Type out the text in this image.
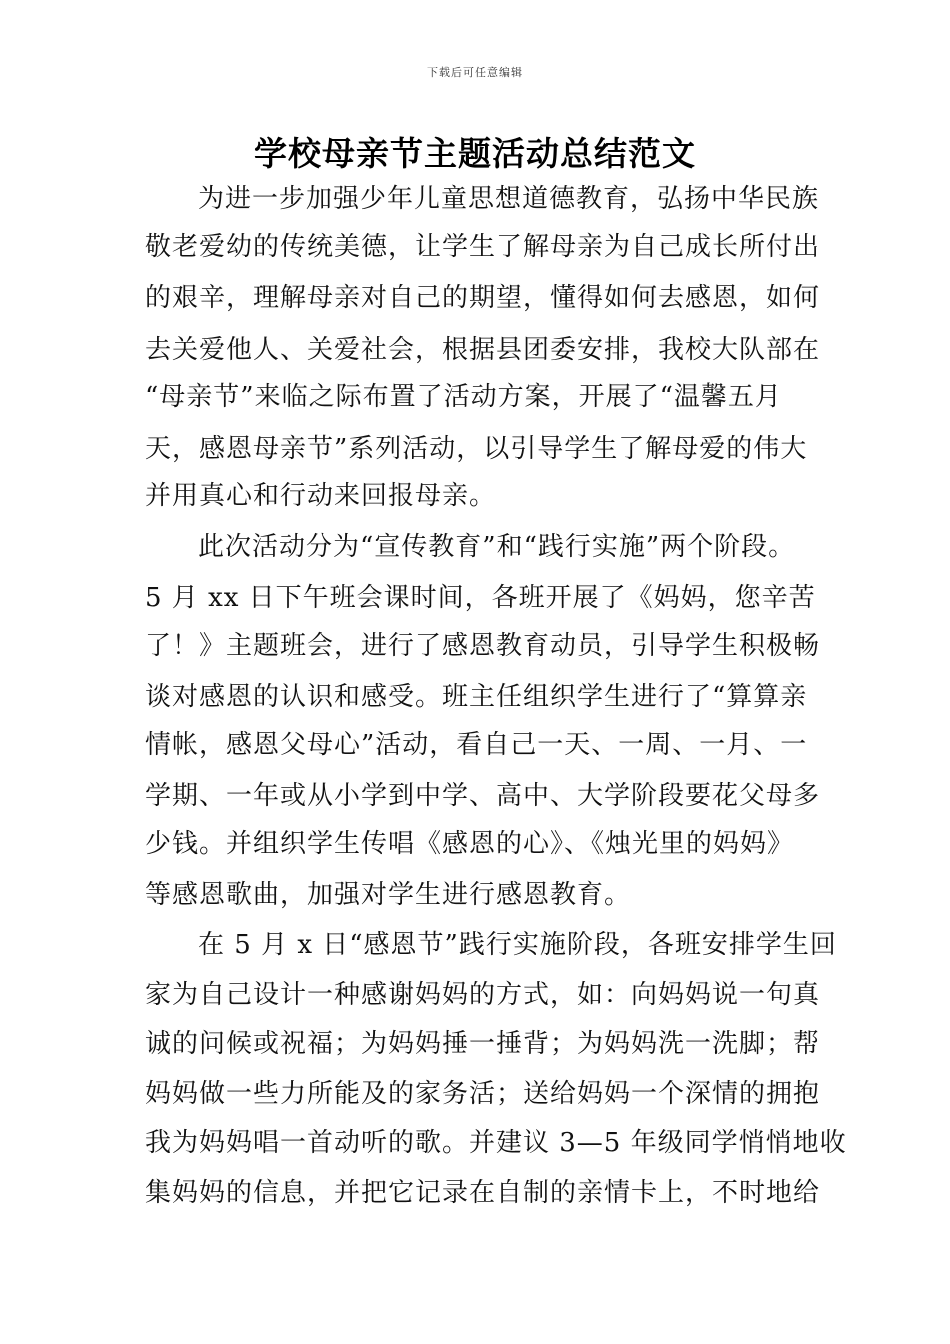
下载后可任意编辑
学校母亲节主题活动总结范文
为进一步加强少年儿童思想道德教育，弘扬中华民族
敬老爱幼的传统美德，让学生了解母亲为自己成长所付出
的艰辛，理解母亲对自己的期望，懂得如何去感恩，如何
去关爱他人、关爱社会，根据县团委安排，我校大队部在
“母亲节”来临之际布置了活动方案，开展了“温馨五月
天，感恩母亲节”系列活动，以引导学生了解母爱的伟大
并用真心和行动来回报母亲。
此次活动分为“宣传教育”和“践行实施”两个阶段。
5 月 xx 日下午班会课时间，各班开展了《妈妈，您辛苦
了！》主题班会，进行了感恩教育动员，引导学生积极畅
谈对感恩的认识和感受。班主任组织学生进行了“算算亲
情帐，感恩父母心”活动，看自己一天、一周、一月、一
学期、一年或从小学到中学、高中、大学阶段要花父母多
少钱。并组织学生传唱《感恩的心》、《烛光里的妈妈》
等感恩歌曲，加强对学生进行感恩教育。
在 5 月 x 日“感恩节”践行实施阶段，各班安排学生回
家为自己设计一种感谢妈妈的方式，如：向妈妈说一句真
诚的问候或祝福；为妈妈捶一捶背；为妈妈洗一洗脚；帮
妈妈做一些力所能及的家务活；送给妈妈一个深情的拥抱
我为妈妈唱一首动听的歌。并建议 3—5 年级同学悄悄地收
集妈妈的信息，并把它记录在自制的亲情卡上，不时地给
